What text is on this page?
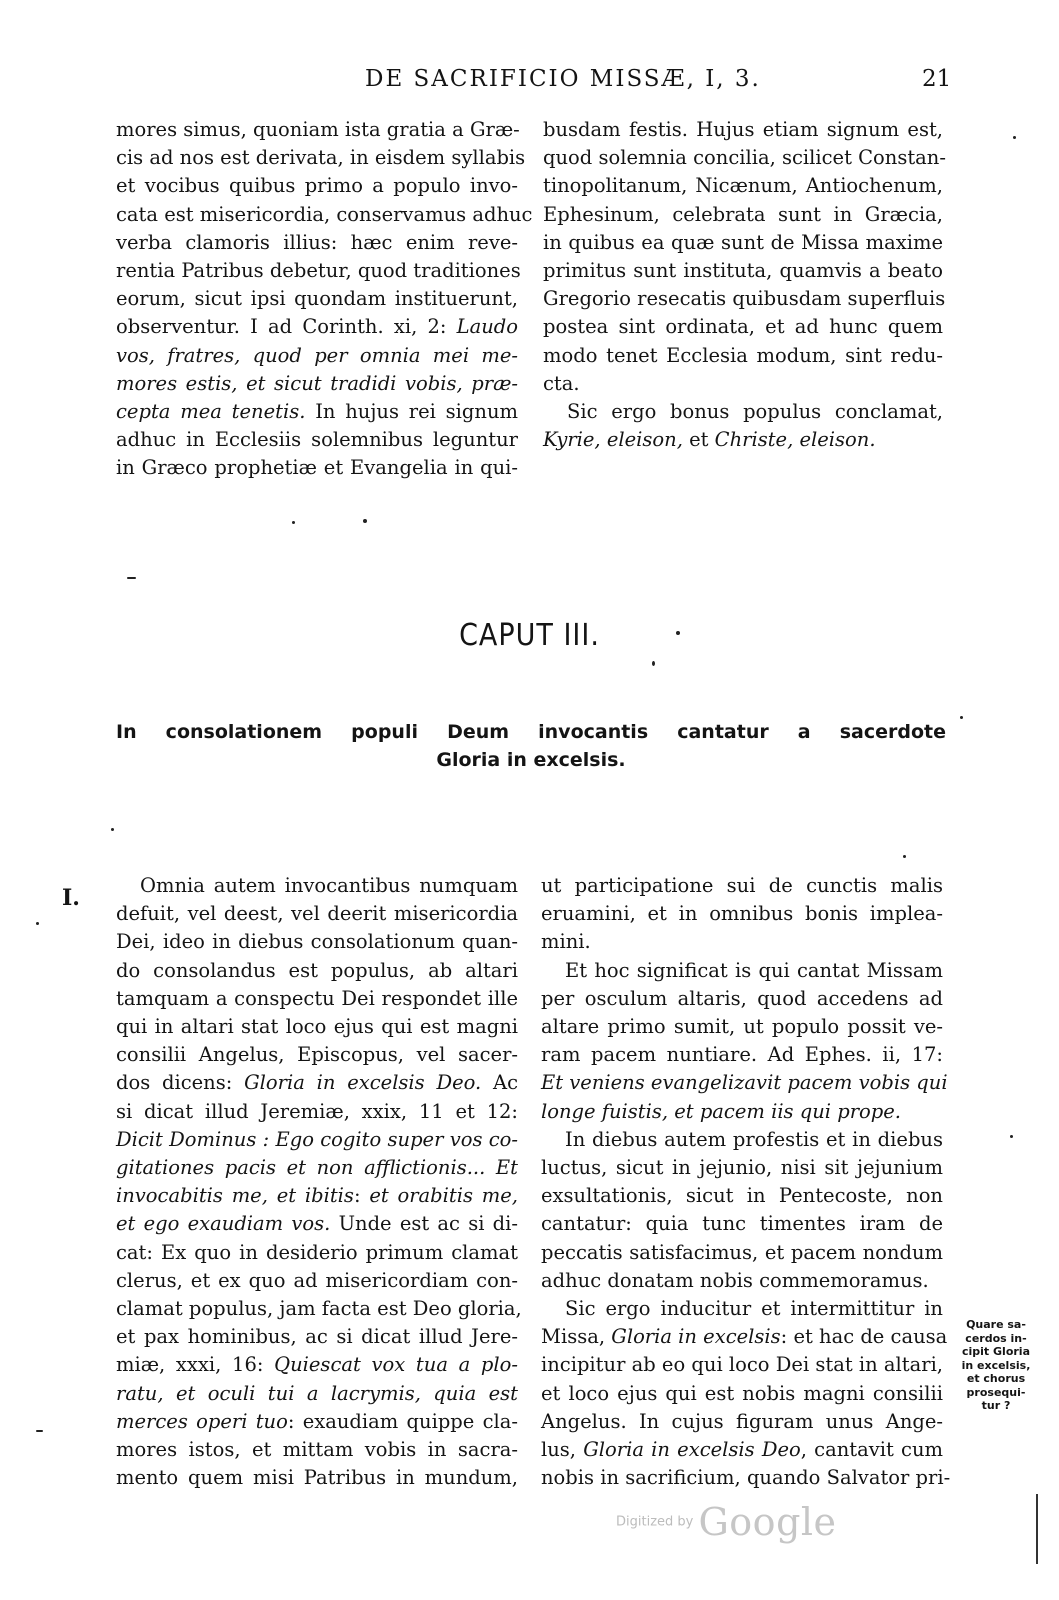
DE SACRIFICIO MISSÆ, I, 3.	21
mores simus, quoniam ista gratia a Græ-
cis ad nos est derivata, in eisdem syllabis
et vocibus quibus primo a populo invo-
cata est misericordia, conservamus adhuc
verba clamoris illius: hæc enim reve-
rentia Patribus debetur, quod traditiones
eorum, sicut ipsi quondam instituerunt,
observentur. I ad Corinth. xi, 2: Laudo
vos, fratres, quod per omnia mei me-
mores estis, et sicut tradidi vobis, præ-
cepta mea tenetis. In hujus rei signum
adhuc in Ecclesiis solemnibus leguntur
in Græco prophetiæ et Evangelia in qui-
busdam festis. Hujus etiam signum est,
quod solemnia concilia, scilicet Constan-
tinopolitanum, Nicænum, Antiochenum,
Ephesinum, celebrata sunt in Græcia,
in quibus ea quæ sunt de Missa maxime
primitus sunt instituta, quamvis a beato
Gregorio resecatis quibusdam superfluis
postea sint ordinata, et ad hunc quem
modo tenet Ecclesia modum, sint redu-
cta.
Sic ergo bonus populus conclamat,
Kyrie, eleison, et Christe, eleison.
CAPUT III.
In consolationem populi Deum invocantis cantatur a sacerdote
Gloria in excelsis.
I.	Omnia autem invocantibus numquam
defuit, vel deest, vel deerit misericordia
Dei, ideo in diebus consolationum quan-
do consolandus est populus, ab altari
tamquam a conspectu Dei respondet ille
qui in altari stat loco ejus qui est magni
consilii Angelus, Episcopus, vel sacer-
dos dicens: Gloria in excelsis Deo. Ac
si dicat illud Jeremiæ, xxix, 11 et 12:
Dicit Dominus : Ego cogito super vos co-
gitationes pacis et non afflictionis... Et
invocabitis me, et ibitis: et orabitis me,
et ego exaudiam vos. Unde est ac si di-
cat: Ex quo in desiderio primum clamat
clerus, et ex quo ad misericordiam con-
clamat populus, jam facta est Deo gloria,
et pax hominibus, ac si dicat illud Jere-
miæ, xxxi, 16: Quiescat vox tua a plo-
ratu, et oculi tui a lacrymis, quia est
merces operi tuo: exaudiam quippe cla-
mores istos, et mittam vobis in sacra-
mento quem misi Patribus in mundum,
ut participatione sui de cunctis malis
eruamini, et in omnibus bonis implea-
mini.
Et hoc significat is qui cantat Missam
per osculum altaris, quod accedens ad
altare primo sumit, ut populo possit ve-
ram pacem nuntiare. Ad Ephes. ii, 17:
Et veniens evangelizavit pacem vobis qui
longe fuistis, et pacem iis qui prope.
In diebus autem profestis et in diebus
luctus, sicut in jejunio, nisi sit jejunium
exsultationis, sicut in Pentecoste, non
cantatur: quia tunc timentes iram de
peccatis satisfacimus, et pacem nondum
adhuc donatam nobis commemoramus.
Sic ergo inducitur et intermittitur in
Missa, Gloria in excelsis: et hac de causa
incipitur ab eo qui loco Dei stat in altari,
et loco ejus qui est nobis magni consilii
Angelus. In cujus figuram unus Ange-
lus, Gloria in excelsis Deo, cantavit cum
nobis in sacrificium, quando Salvator pri-
Quare sa-
cerdos in-
cipit Gloria
in excelsis,
et chorus
prosequi-
tur ?
Digitized by Google
